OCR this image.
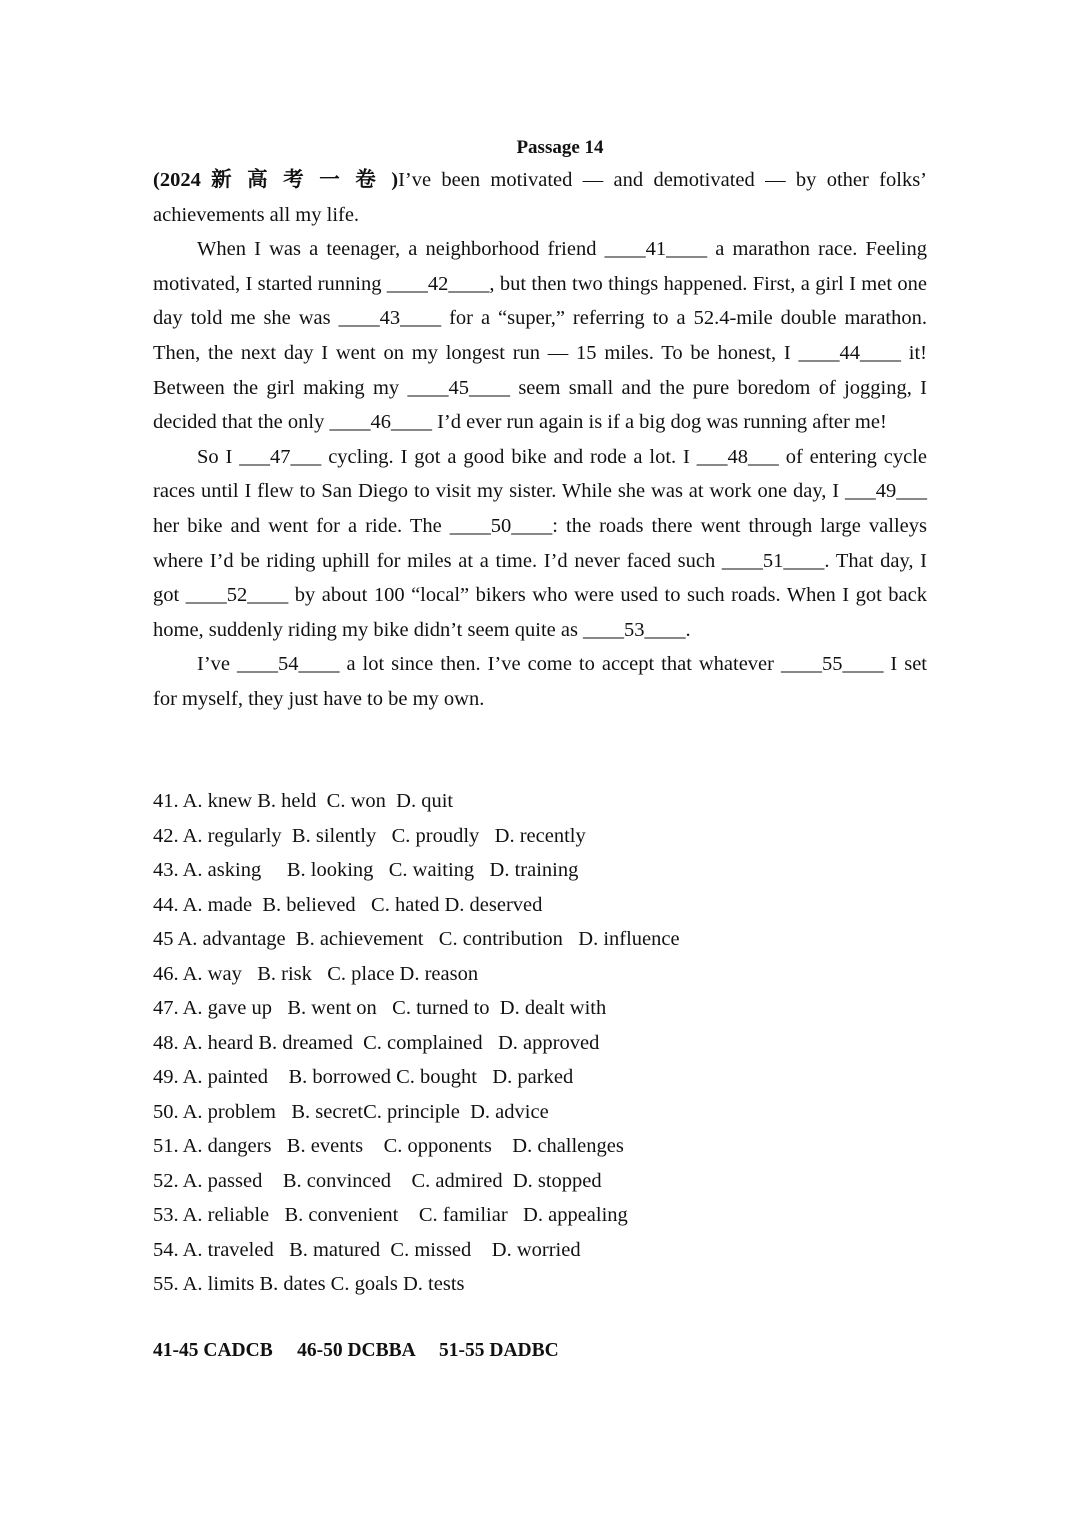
Passage 14

(2024 新 高 考 一 卷 )I’ve been motivated — and demotivated — by other folks’ achievements all my life.

When I was a teenager, a neighborhood friend ____41____ a marathon race. Feeling motivated, I started running ____42____, but then two things happened. First, a girl I met one day told me she was ____43____ for a “super,” referring to a 52.4-mile double marathon. Then, the next day I went on my longest run — 15 miles. To be honest, I ____44____ it! Between the girl making my ____45____ seem small and the pure boredom of jogging, I decided that the only ____46____ I’d ever run again is if a big dog was running after me!

So I ___47___ cycling. I got a good bike and rode a lot. I ___48___ of entering cycle races until I flew to San Diego to visit my sister. While she was at work one day, I ___49___ her bike and went for a ride. The ____50____: the roads there went through large valleys where I’d be riding uphill for miles at a time. I’d never faced such ____51____. That day, I got ____52____ by about 100 “local” bikers who were used to such roads. When I got back home, suddenly riding my bike didn’t seem quite as ____53____.

I’ve ____54____ a lot since then. I’ve come to accept that whatever ____55____ I set for myself, they just have to be my own.

41. A. knew B. held  C. won  D. quit
42. A. regularly  B. silently   C. proudly   D. recently
43. A. asking     B. looking   C. waiting   D. training
44. A. made  B. believed   C. hated D. deserved
45 A. advantage  B. achievement   C. contribution   D. influence
46. A. way   B. risk   C. place D. reason
47. A. gave up   B. went on   C. turned to  D. dealt with
48. A. heard B. dreamed  C. complained   D. approved
49. A. painted    B. borrowed C. bought   D. parked
50. A. problem   B. secretC. principle  D. advice
51. A. dangers   B. events    C. opponents    D. challenges
52. A. passed    B. convinced    C. admired  D. stopped
53. A. reliable   B. convenient    C. familiar   D. appealing
54. A. traveled   B. matured  C. missed    D. worried
55. A. limits B. dates C. goals D. tests
41-45 CADCB     46-50 DCBBA     51-55 DADBC
